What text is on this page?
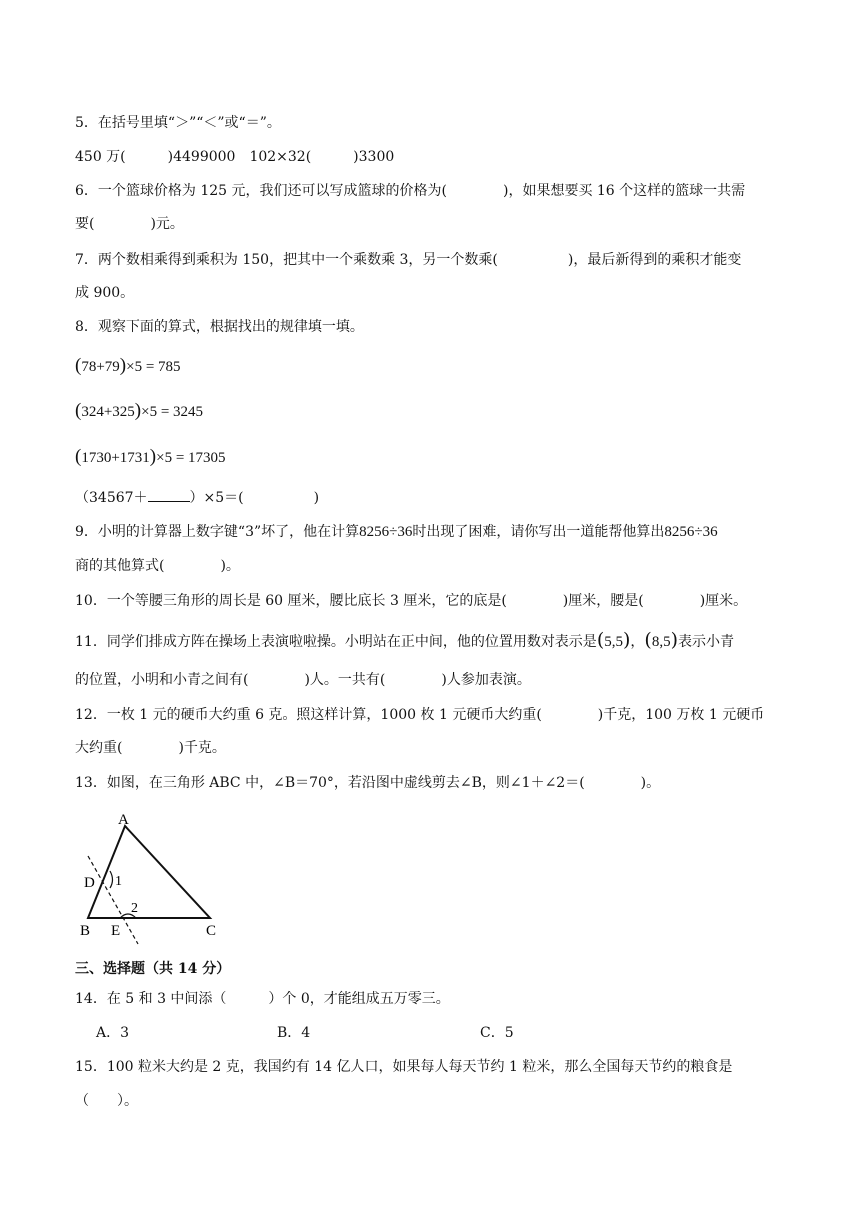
5．在括号里填“＞”“＜”或“＝”。
450 万(　　　)4499000　102×32(　　　)3300
6．一个篮球价格为 125 元，我们还可以写成篮球的价格为(　　　　)，如果想要买 16 个这样的篮球一共需
要(　　　　)元。
7．两个数相乘得到乘积为 150，把其中一个乘数乘 3，另一个数乘(　　　　　)，最后新得到的乘积才能变
成 900。
8．观察下面的算式，根据找出的规律填一填。
(78+79)×5 = 785
(324+325)×5 = 3245
(1730+1731)×5 = 17305
（34567＋	）×5＝(　　　　　)
9．小明的计算器上数字键“3”坏了，他在计算8256÷36时出现了困难，请你写出一道能帮他算出8256÷36
商的其他算式(　　　　)。
10．一个等腰三角形的周长是 60 厘米，腰比底长 3 厘米，它的底是(　　　　)厘米，腰是(　　　　)厘米。
11．同学们排成方阵在操场上表演啦啦操。小明站在正中间，他的位置用数对表示是(5,5)，(8,5)表示小青
的位置，小明和小青之间有(　　　　)人。一共有(　　　　)人参加表演。
12．一枚 1 元的硬币大约重 6 克。照这样计算，1000 枚 1 元硬币大约重(　　　　)千克，100 万枚 1 元硬币
大约重(　　　　)千克。
13．如图，在三角形 ABC 中，∠B＝70°，若沿图中虚线剪去∠B，则∠1＋∠2＝(　　　　)。
A
B	C
D
E
1
2
三、选择题（共 14 分）
14．在 5 和 3 中间添（　　　）个 0，才能组成五万零三。
A．3	B．4	C．5
15．100 粒米大约是 2 克，我国约有 14 亿人口，如果每人每天节约 1 粒米，那么全国每天节约的粮食是
（　　）。
